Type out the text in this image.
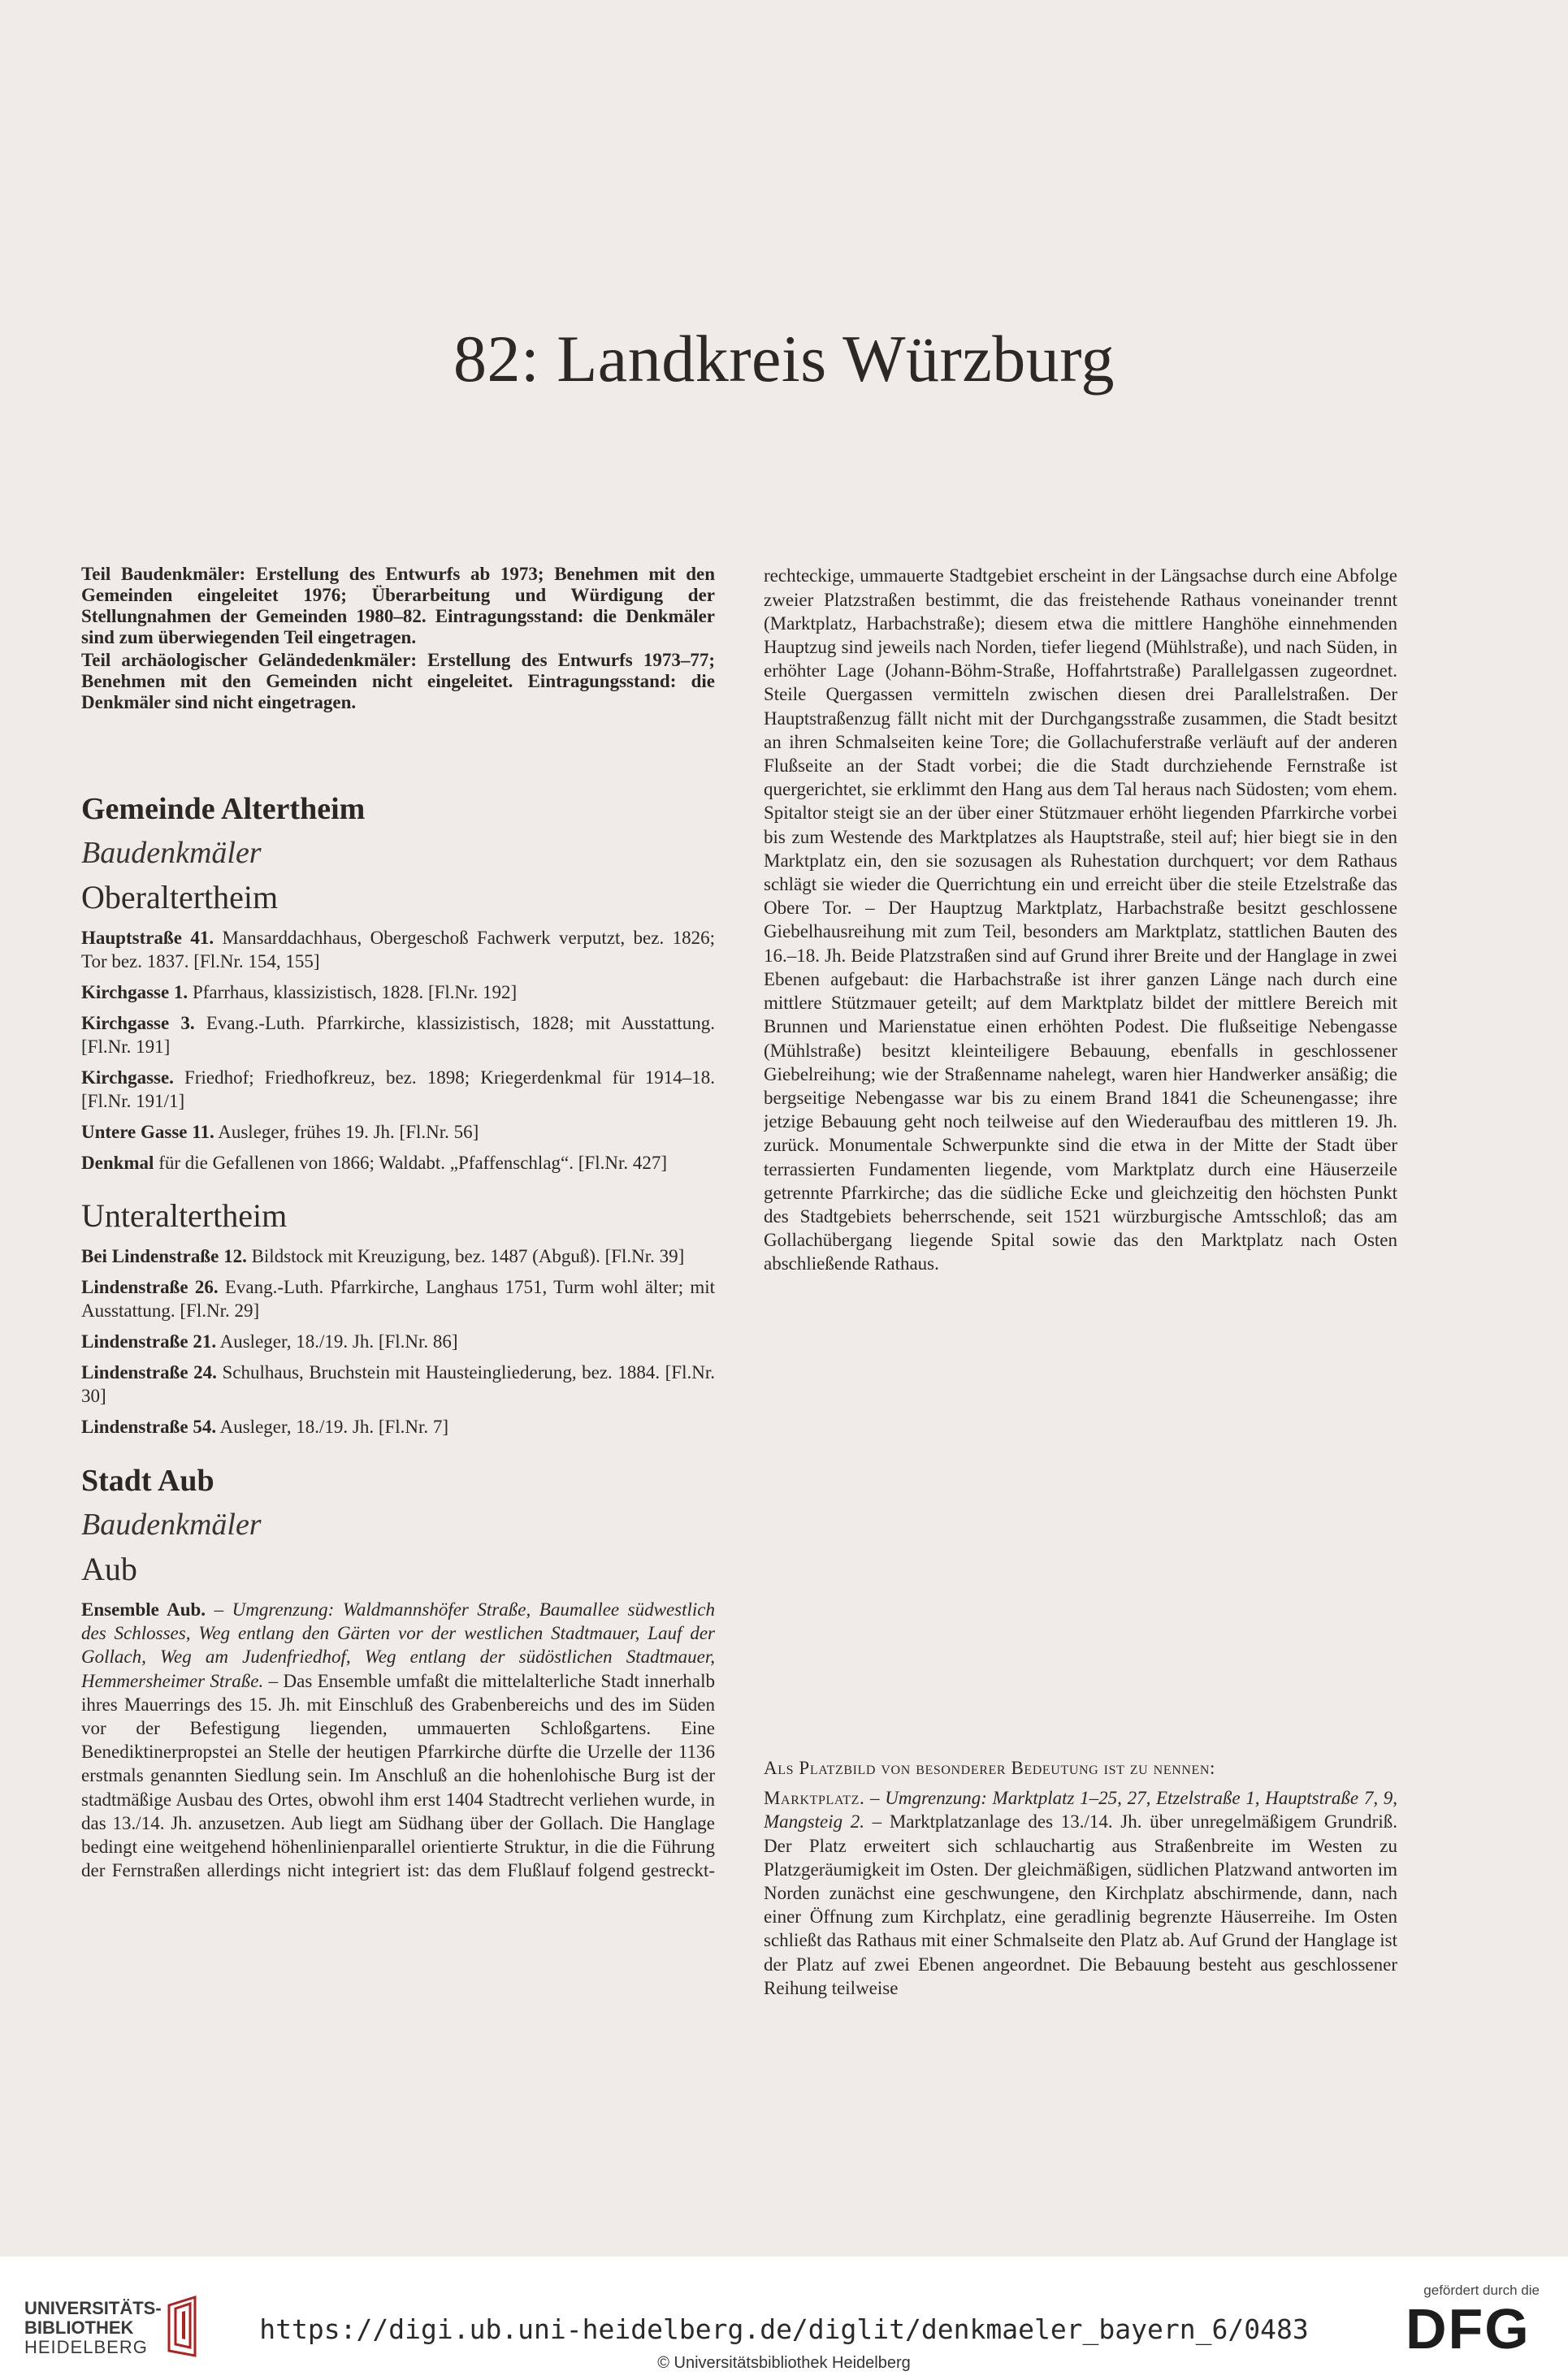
82: Landkreis Würzburg

Teil Baudenkmäler: Erstellung des Entwurfs ab 1973; Benehmen mit den Gemeinden eingeleitet 1976; Überarbeitung und Würdigung der Stellungnahmen der Gemeinden 1980–82. Eintragungsstand: die Denkmäler sind zum überwiegenden Teil eingetragen.

Teil archäologischer Geländedenkmäler: Erstellung des Entwurfs 1973–77; Benehmen mit den Gemeinden nicht eingeleitet. Eintragungsstand: die Denkmäler sind nicht eingetragen.

Gemeinde Altertheim
Baudenkmäler
Oberaltertheim

Hauptstraße 41. Mansarddachhaus, Obergeschoß Fachwerk verputzt, bez. 1826; Tor bez. 1837. [Fl.Nr. 154, 155]

Kirchgasse 1. Pfarrhaus, klassizistisch, 1828. [Fl.Nr. 192]

Kirchgasse 3. Evang.-Luth. Pfarrkirche, klassizistisch, 1828; mit Ausstattung. [Fl.Nr. 191]

Kirchgasse. Friedhof; Friedhofkreuz, bez. 1898; Kriegerdenkmal für 1914–18. [Fl.Nr. 191/1]

Untere Gasse 11. Ausleger, frühes 19. Jh. [Fl.Nr. 56]

Denkmal für die Gefallenen von 1866; Waldabt. „Pfaffenschlag“. [Fl.Nr. 427]

Unteraltertheim

Bei Lindenstraße 12. Bildstock mit Kreuzigung, bez. 1487 (Abguß). [Fl.Nr. 39]

Lindenstraße 26. Evang.-Luth. Pfarrkirche, Langhaus 1751, Turm wohl älter; mit Ausstattung. [Fl.Nr. 29]

Lindenstraße 21. Ausleger, 18./19. Jh. [Fl.Nr. 86]

Lindenstraße 24. Schulhaus, Bruchstein mit Hausteingliederung, bez. 1884. [Fl.Nr. 30]

Lindenstraße 54. Ausleger, 18./19. Jh. [Fl.Nr. 7]

Stadt Aub
Baudenkmäler
Aub
Ensemble Aub. – Umgrenzung: Waldmannshöfer Straße, Baumallee südwestlich des Schlosses, Weg entlang den Gärten vor der westlichen Stadtmauer, Lauf der Gollach, Weg am Judenfriedhof, Weg entlang der südöstlichen Stadtmauer, Hemmersheimer Straße. – Das Ensemble umfaßt die mittelalterliche Stadt innerhalb ihres Mauerrings des 15. Jh. mit Einschluß des Grabenbereichs und des im Süden vor der Befestigung liegenden, ummauerten Schloßgartens. Eine Benediktinerpropstei an Stelle der heutigen Pfarrkirche dürfte die Urzelle der 1136 erstmals genannten Siedlung sein. Im Anschluß an die hohenlohische Burg ist der stadtmäßige Ausbau des Ortes, obwohl ihm erst 1404 Stadtrecht verliehen wurde, in das 13./14. Jh. anzusetzen. Aub liegt am Südhang über der Gollach. Die Hanglage bedingt eine weitgehend höhenlinienparallel orientierte Struktur, in die die Führung der Fernstraßen allerdings nicht integriert ist: das dem Flußlauf folgend gestreckt-
rechteckige, ummauerte Stadtgebiet erscheint in der Längsachse durch eine Abfolge zweier Platzstraßen bestimmt, die das freistehende Rathaus voneinander trennt (Marktplatz, Harbachstraße); diesem etwa die mittlere Hanghöhe einnehmenden Hauptzug sind jeweils nach Norden, tiefer liegend (Mühlstraße), und nach Süden, in erhöhter Lage (Johann-Böhm-Straße, Hoffahrtstraße) Parallelgassen zugeordnet. Steile Quergassen vermitteln zwischen diesen drei Parallelstraßen. Der Hauptstraßenzug fällt nicht mit der Durchgangsstraße zusammen, die Stadt besitzt an ihren Schmalseiten keine Tore; die Gollachuferstraße verläuft auf der anderen Flußseite an der Stadt vorbei; die die Stadt durchziehende Fernstraße ist quergerichtet, sie erklimmt den Hang aus dem Tal heraus nach Südosten; vom ehem. Spitaltor steigt sie an der über einer Stützmauer erhöht liegenden Pfarrkirche vorbei bis zum Westende des Marktplatzes als Hauptstraße, steil auf; hier biegt sie in den Marktplatz ein, den sie sozusagen als Ruhestation durchquert; vor dem Rathaus schlägt sie wieder die Querrichtung ein und erreicht über die steile Etzelstraße das Obere Tor. – Der Hauptzug Marktplatz, Harbachstraße besitzt geschlossene Giebelhausreihung mit zum Teil, besonders am Marktplatz, stattlichen Bauten des 16.–18. Jh. Beide Platzstraßen sind auf Grund ihrer Breite und der Hanglage in zwei Ebenen aufgebaut: die Harbachstraße ist ihrer ganzen Länge nach durch eine mittlere Stützmauer geteilt; auf dem Marktplatz bildet der mittlere Bereich mit Brunnen und Marienstatue einen erhöhten Podest. Die flußseitige Nebengasse (Mühlstraße) besitzt kleinteiligere Bebauung, ebenfalls in geschlossener Giebelreihung; wie der Straßenname nahelegt, waren hier Handwerker ansäßig; die bergseitige Nebengasse war bis zu einem Brand 1841 die Scheunengasse; ihre jetzige Bebauung geht noch teilweise auf den Wiederaufbau des mittleren 19. Jh. zurück. Monumentale Schwerpunkte sind die etwa in der Mitte der Stadt über terrassierten Fundamenten liegende, vom Marktplatz durch eine Häuserzeile getrennte Pfarrkirche; das die südliche Ecke und gleichzeitig den höchsten Punkt des Stadtgebiets beherrschende, seit 1521 würzburgische Amtsschloß; das am Gollachübergang liegende Spital sowie das den Marktplatz nach Osten abschließende Rathaus.

Als Platzbild von besonderer Bedeutung ist zu nennen:

Marktplatz. – Umgrenzung: Marktplatz 1–25, 27, Etzelstraße 1, Hauptstraße 7, 9, Mangsteig 2. – Marktplatzanlage des 13./14. Jh. über unregelmäßigem Grundriß. Der Platz erweitert sich schlauchartig aus Straßenbreite im Westen zu Platzgeräumigkeit im Osten. Der gleichmäßigen, südlichen Platzwand antworten im Norden zunächst eine geschwungene, den Kirchplatz abschirmende, dann, nach einer Öffnung zum Kirchplatz, eine geradlinig begrenzte Häuserreihe. Im Osten schließt das Rathaus mit einer Schmalseite den Platz ab. Auf Grund der Hanglage ist der Platz auf zwei Ebenen angeordnet. Die Bebauung besteht aus geschlossener Reihung teilweise

UNIVERSITÄTS-
BIBLIOTHEK
HEIDELBERG
https://digi.ub.uni-heidelberg.de/diglit/denkmaeler_bayern_6/0483
© Universitätsbibliothek Heidelberg
gefördert durch die
DFG
